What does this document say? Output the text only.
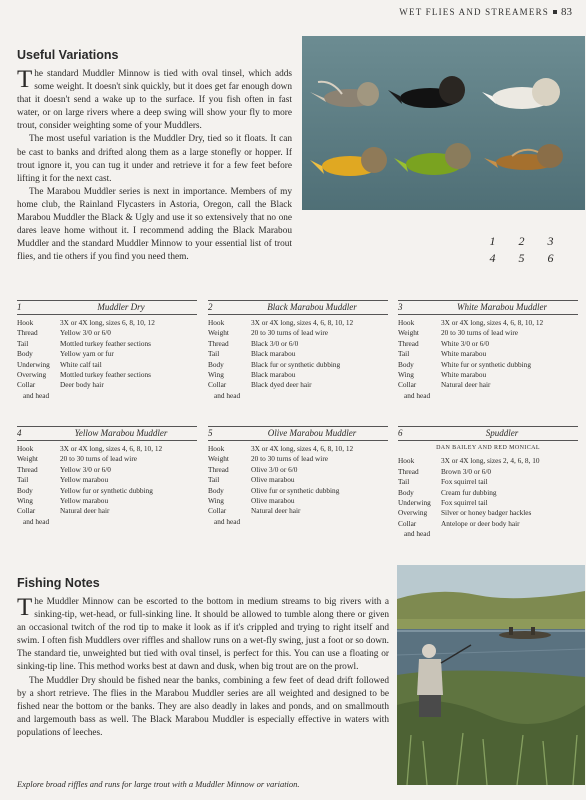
WET FLIES AND STREAMERS 83
Useful Variations

The standard Muddler Minnow is tied with oval tinsel, which adds some weight. It doesn't sink quickly, but it does get far enough down that it doesn't send a wake up to the surface. If you fish often in fast water, or on large rivers where a deep swing will show your fly to more trout, consider weighting some of your Muddlers.

The most useful variation is the Muddler Dry, tied so it floats. It can be cast to banks and drifted along them as a large stonefly or hopper. If trout ignore it, you can tug it under and retrieve it for a few feet before lifting it for the next cast.

The Marabou Muddler series is next in importance. Members of my home club, the Rainland Flycasters in Astoria, Oregon, call the Black Marabou Muddler the Black & Ugly and use it so extensively that no one dares leave home without it. I recommend adding the Black Marabou Muddler and the standard Muddler Minnow to your essential list of trout flies, and tie others if you find you need them.

1 2 3
4 5 6
1	Muddler Dry
Hook	3X or 4X long, sizes 6, 8, 10, 12
Thread	Yellow 3/0 or 6/0
Tail	Mottled turkey feather sections
Body	Yellow yarn or fur
Underwing	White calf tail
Overwing	Mottled turkey feather sections
Collar	Deer body hair
and head
2	Black Marabou Muddler
Hook	3X or 4X long, sizes 4, 6, 8, 10, 12
Weight	20 to 30 turns of lead wire
Thread	Black 3/0 or 6/0
Tail	Black marabou
Body	Black fur or synthetic dubbing
Wing	Black marabou
Collar	Black dyed deer hair
and head
3	White Marabou Muddler
Hook	3X or 4X long, sizes 4, 6, 8, 10, 12
Weight	20 to 30 turns of lead wire
Thread	White 3/0 or 6/0
Tail	White marabou
Body	White fur or synthetic dubbing
Wing	White marabou
Collar	Natural deer hair
and head
4	Yellow Marabou Muddler
Hook	3X or 4X long, sizes 4, 6, 8, 10, 12
Weight	20 to 30 turns of lead wire
Thread	Yellow 3/0 or 6/0
Tail	Yellow marabou
Body	Yellow fur or synthetic dubbing
Wing	Yellow marabou
Collar	Natural deer hair
and head
5	Olive Marabou Muddler
Hook	3X or 4X long, sizes 4, 6, 8, 10, 12
Weight	20 to 30 turns of lead wire
Thread	Olive 3/0 or 6/0
Tail	Olive marabou
Body	Olive fur or synthetic dubbing
Wing	Olive marabou
Collar	Natural deer hair
and head
6	Spuddler
DAN BAILEY AND RED MONICAL
Hook	3X or 4X long, sizes 2, 4, 6, 8, 10
Thread	Brown 3/0 or 6/0
Tail	Fox squirrel tail
Body	Cream fur dubbing
Underwing	Fox squirrel tail
Overwing	Silver or honey badger hackles
Collar	Antelope or deer body hair
and head
Fishing Notes

The Muddler Minnow can be escorted to the bottom in medium streams to big rivers with a sinking-tip, wet-head, or full-sinking line. It should be allowed to tumble along there or given an occasional twitch of the rod tip to make it look as if it's crippled and trying to right itself and swim. I often fish Muddlers over riffles and shallow runs on a wet-fly swing, just a foot or so down. The standard tie, unweighted but tied with oval tinsel, is perfect for this. You can use a floating or sinking-tip line. This method works best at dawn and dusk, when big trout are on the prowl.

The Muddler Dry should be fished near the banks, combining a few feet of dead drift followed by a short retrieve. The flies in the Marabou Muddler series are all weighted and designed to be fished near the bottom or the banks. They are also deadly in lakes and ponds, and on smallmouth and largemouth bass as well. The Black Marabou Muddler is especially effective in waters with populations of leeches.

Explore broad riffles and runs for large trout with a Muddler Minnow or variation.
